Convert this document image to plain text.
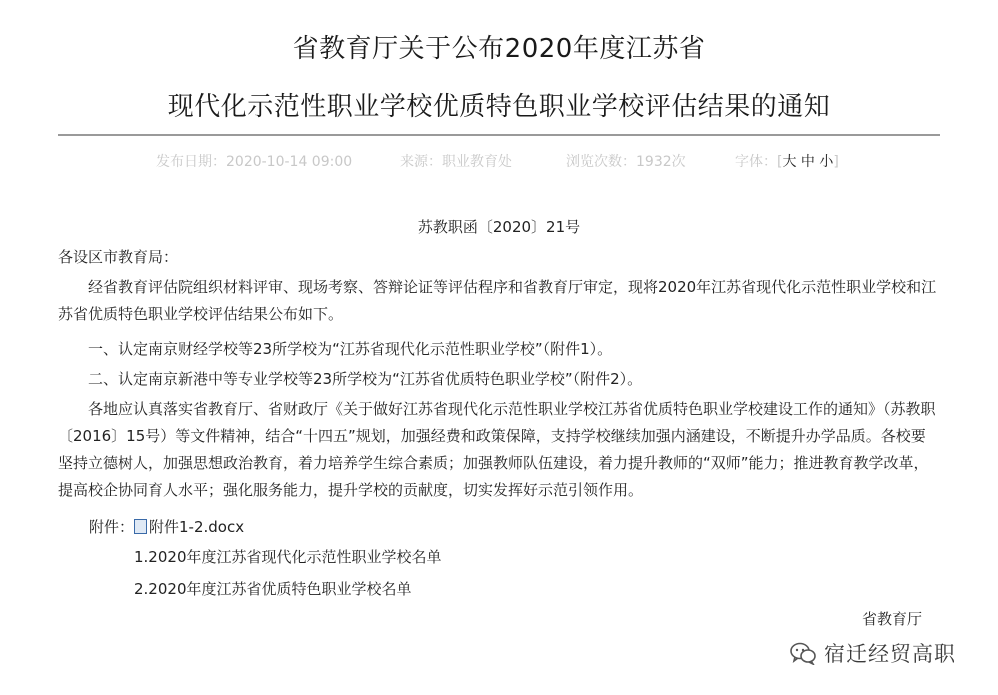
省教育厅关于公布2020年度江苏省
现代化示范性职业学校优质特色职业学校评估结果的通知
发布日期：2020-10-14 09:00	来源：职业教育处	浏览次数：1932次	字体：[大 中 小]
苏教职函〔2020〕21号
各设区市教育局：
经省教育评估院组织材料评审、现场考察、答辩论证等评估程序和省教育厅审定，现将2020年江苏省现代化示范性职业学校和江苏省优质特色职业学校评估结果公布如下。
一、认定南京财经学校等23所学校为“江苏省现代化示范性职业学校”（附件1）。
二、认定南京新港中等专业学校等23所学校为“江苏省优质特色职业学校”（附件2）。
各地应认真落实省教育厅、省财政厅《关于做好江苏省现代化示范性职业学校江苏省优质特色职业学校建设工作的通知》（苏教职〔2016〕15号）等文件精神，结合“十四五”规划，加强经费和政策保障，支持学校继续加强内涵建设，不断提升办学品质。各校要坚持立德树人，加强思想政治教育，着力培养学生综合素质；加强教师队伍建设，着力提升教师的“双师”能力；推进教育教学改革，提高校企协同育人水平；强化服务能力，提升学校的贡献度，切实发挥好示范引领作用。
附件： 附件1-2.docx
1.2020年度江苏省现代化示范性职业学校名单
2.2020年度江苏省优质特色职业学校名单
省教育厅
宿迁经贸高职
